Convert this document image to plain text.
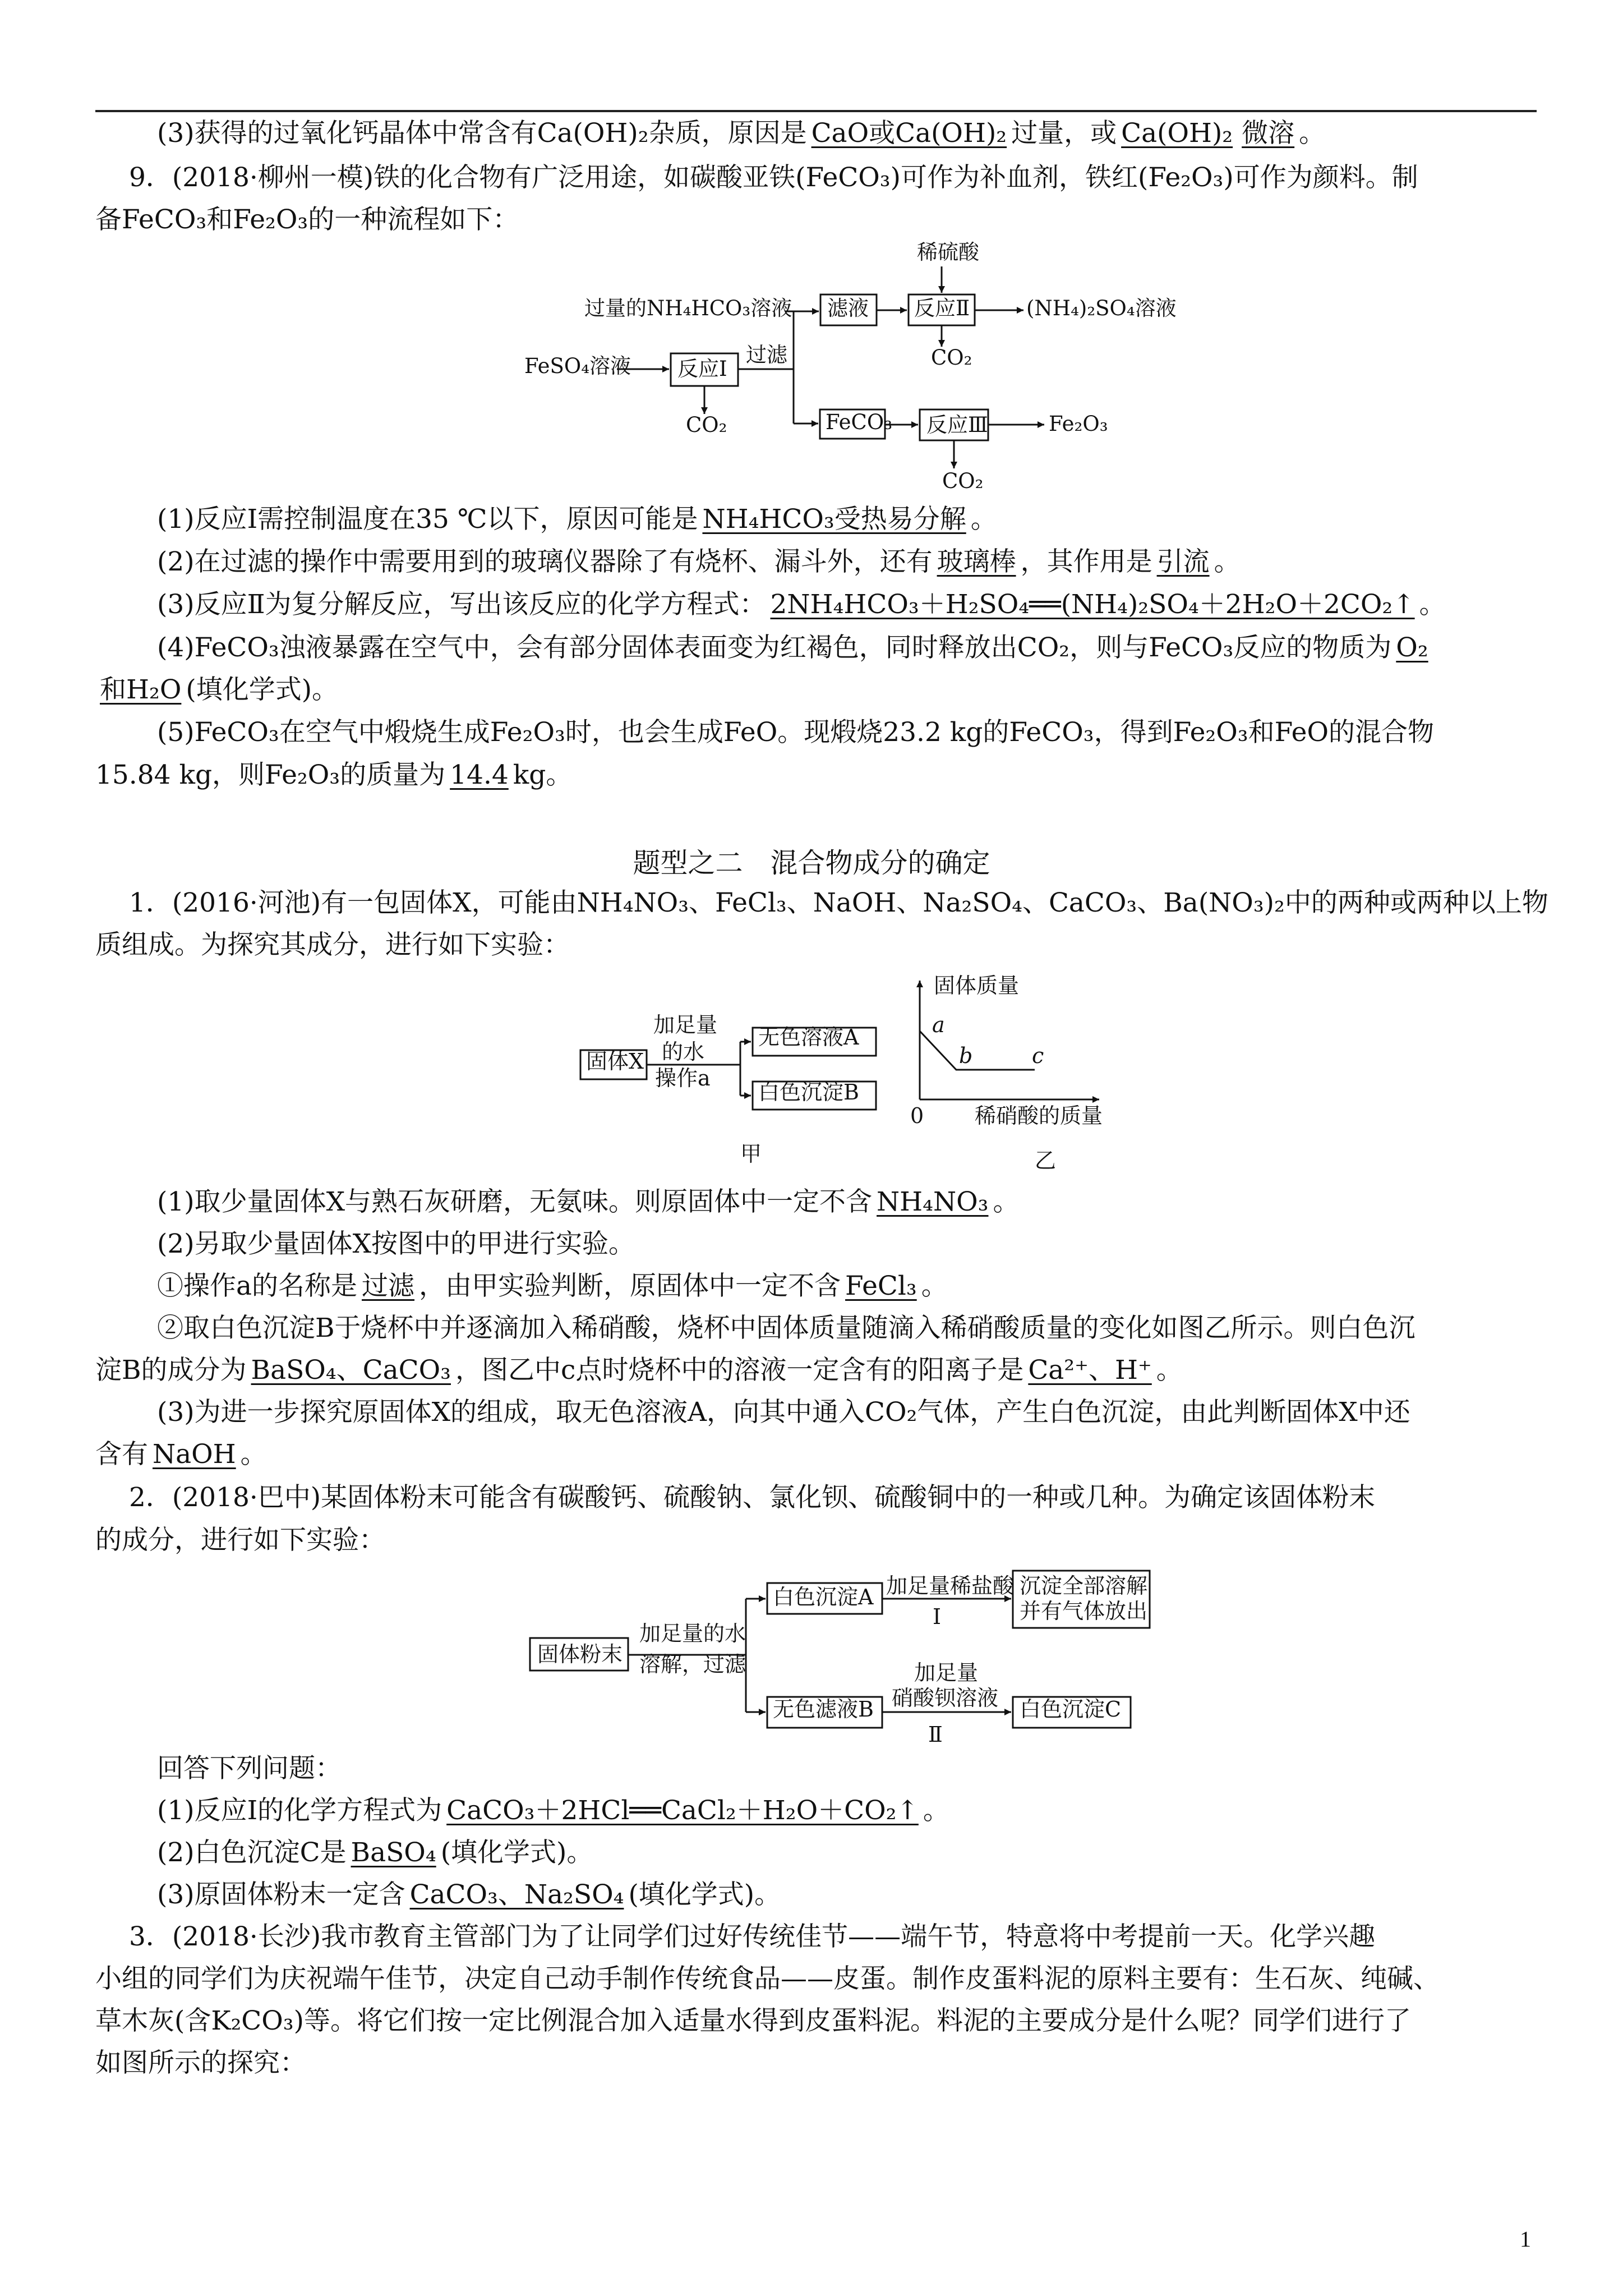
(3)获得的过氧化钙晶体中常含有Ca(OH)₂杂质，原因是 CaO或Ca(OH)₂ 过量，或 Ca(OH)₂ 微溶 。
9．(2018·柳州一模)铁的化合物有广泛用途，如碳酸亚铁(FeCO₃)可作为补血剂，铁红(Fe₂O₃)可作为颜料。制
备FeCO₃和Fe₂O₃的一种流程如下：
稀硫酸
过量的NH₄HCO₃溶液 滤液 反应Ⅱ	(NH₄)₂SO₄溶液
CO₂
FeSO₄溶液 反应Ⅰ
过滤
CO₂	FeCO₃ 反应Ⅲ	Fe₂O₃
CO₂
(1)反应Ⅰ需控制温度在35 ℃以下，原因可能是 NH₄HCO₃受热易分解 。
(2)在过滤的操作中需要用到的玻璃仪器除了有烧杯、漏斗外，还有 玻璃棒 ，其作用是 引流 。
(3)反应Ⅱ为复分解反应，写出该反应的化学方程式： 2NH₄HCO₃＋H₂SO₄══(NH₄)₂SO₄＋2H₂O＋2CO₂↑ 。
(4)FeCO₃浊液暴露在空气中，会有部分固体表面变为红褐色，同时释放出CO₂，则与FeCO₃反应的物质为 O₂
和H₂O (填化学式)。
(5)FeCO₃在空气中煅烧生成Fe₂O₃时，也会生成FeO。现煅烧23.2 kg的FeCO₃，得到Fe₂O₃和FeO的混合物
15.84 kg，则Fe₂O₃的质量为 14.4 kg。
题型之二　混合物成分的确定
1．(2016·河池)有一包固体X，可能由NH₄NO₃、FeCl₃、NaOH、Na₂SO₄、CaCO₃、Ba(NO₃)₂中的两种或两种以上物
质组成。为探究其成分，进行如下实验：
固体X
加足量
的水
操作a
无色溶液A
白色沉淀B
甲
固体质量
稀硝酸的质量
0
a
b	c
乙
(1)取少量固体X与熟石灰研磨，无氨味。则原固体中一定不含 NH₄NO₃ 。
(2)另取少量固体X按图中的甲进行实验。
①操作a的名称是 过滤 ，由甲实验判断，原固体中一定不含 FeCl₃ 。
②取白色沉淀B于烧杯中并逐滴加入稀硝酸，烧杯中固体质量随滴入稀硝酸质量的变化如图乙所示。则白色沉
淀B的成分为 BaSO₄、CaCO₃ ，图乙中c点时烧杯中的溶液一定含有的阳离子是 Ca²⁺、H⁺ 。
(3)为进一步探究原固体X的组成，取无色溶液A，向其中通入CO₂气体，产生白色沉淀，由此判断固体X中还
含有 NaOH 。
2．(2018·巴中)某固体粉末可能含有碳酸钙、硫酸钠、氯化钡、硫酸铜中的一种或几种。为确定该固体粉末
的成分，进行如下实验：
固体粉末
加足量的水
溶解，过滤
白色沉淀A 加足量稀盐酸
Ⅰ
沉淀全部溶解
并有气体放出
无色滤液B
加足量
硝酸钡溶液
Ⅱ
白色沉淀C
回答下列问题：
(1)反应Ⅰ的化学方程式为 CaCO₃＋2HCl══CaCl₂＋H₂O＋CO₂↑ 。
(2)白色沉淀C是 BaSO₄ (填化学式)。
(3)原固体粉末一定含 CaCO₃、Na₂SO₄ (填化学式)。
3．(2018·长沙)我市教育主管部门为了让同学们过好传统佳节——端午节，特意将中考提前一天。化学兴趣
小组的同学们为庆祝端午佳节，决定自己动手制作传统食品——皮蛋。制作皮蛋料泥的原料主要有：生石灰、纯碱、
草木灰(含K₂CO₃)等。将它们按一定比例混合加入适量水得到皮蛋料泥。料泥的主要成分是什么呢？同学们进行了
如图所示的探究：
1
